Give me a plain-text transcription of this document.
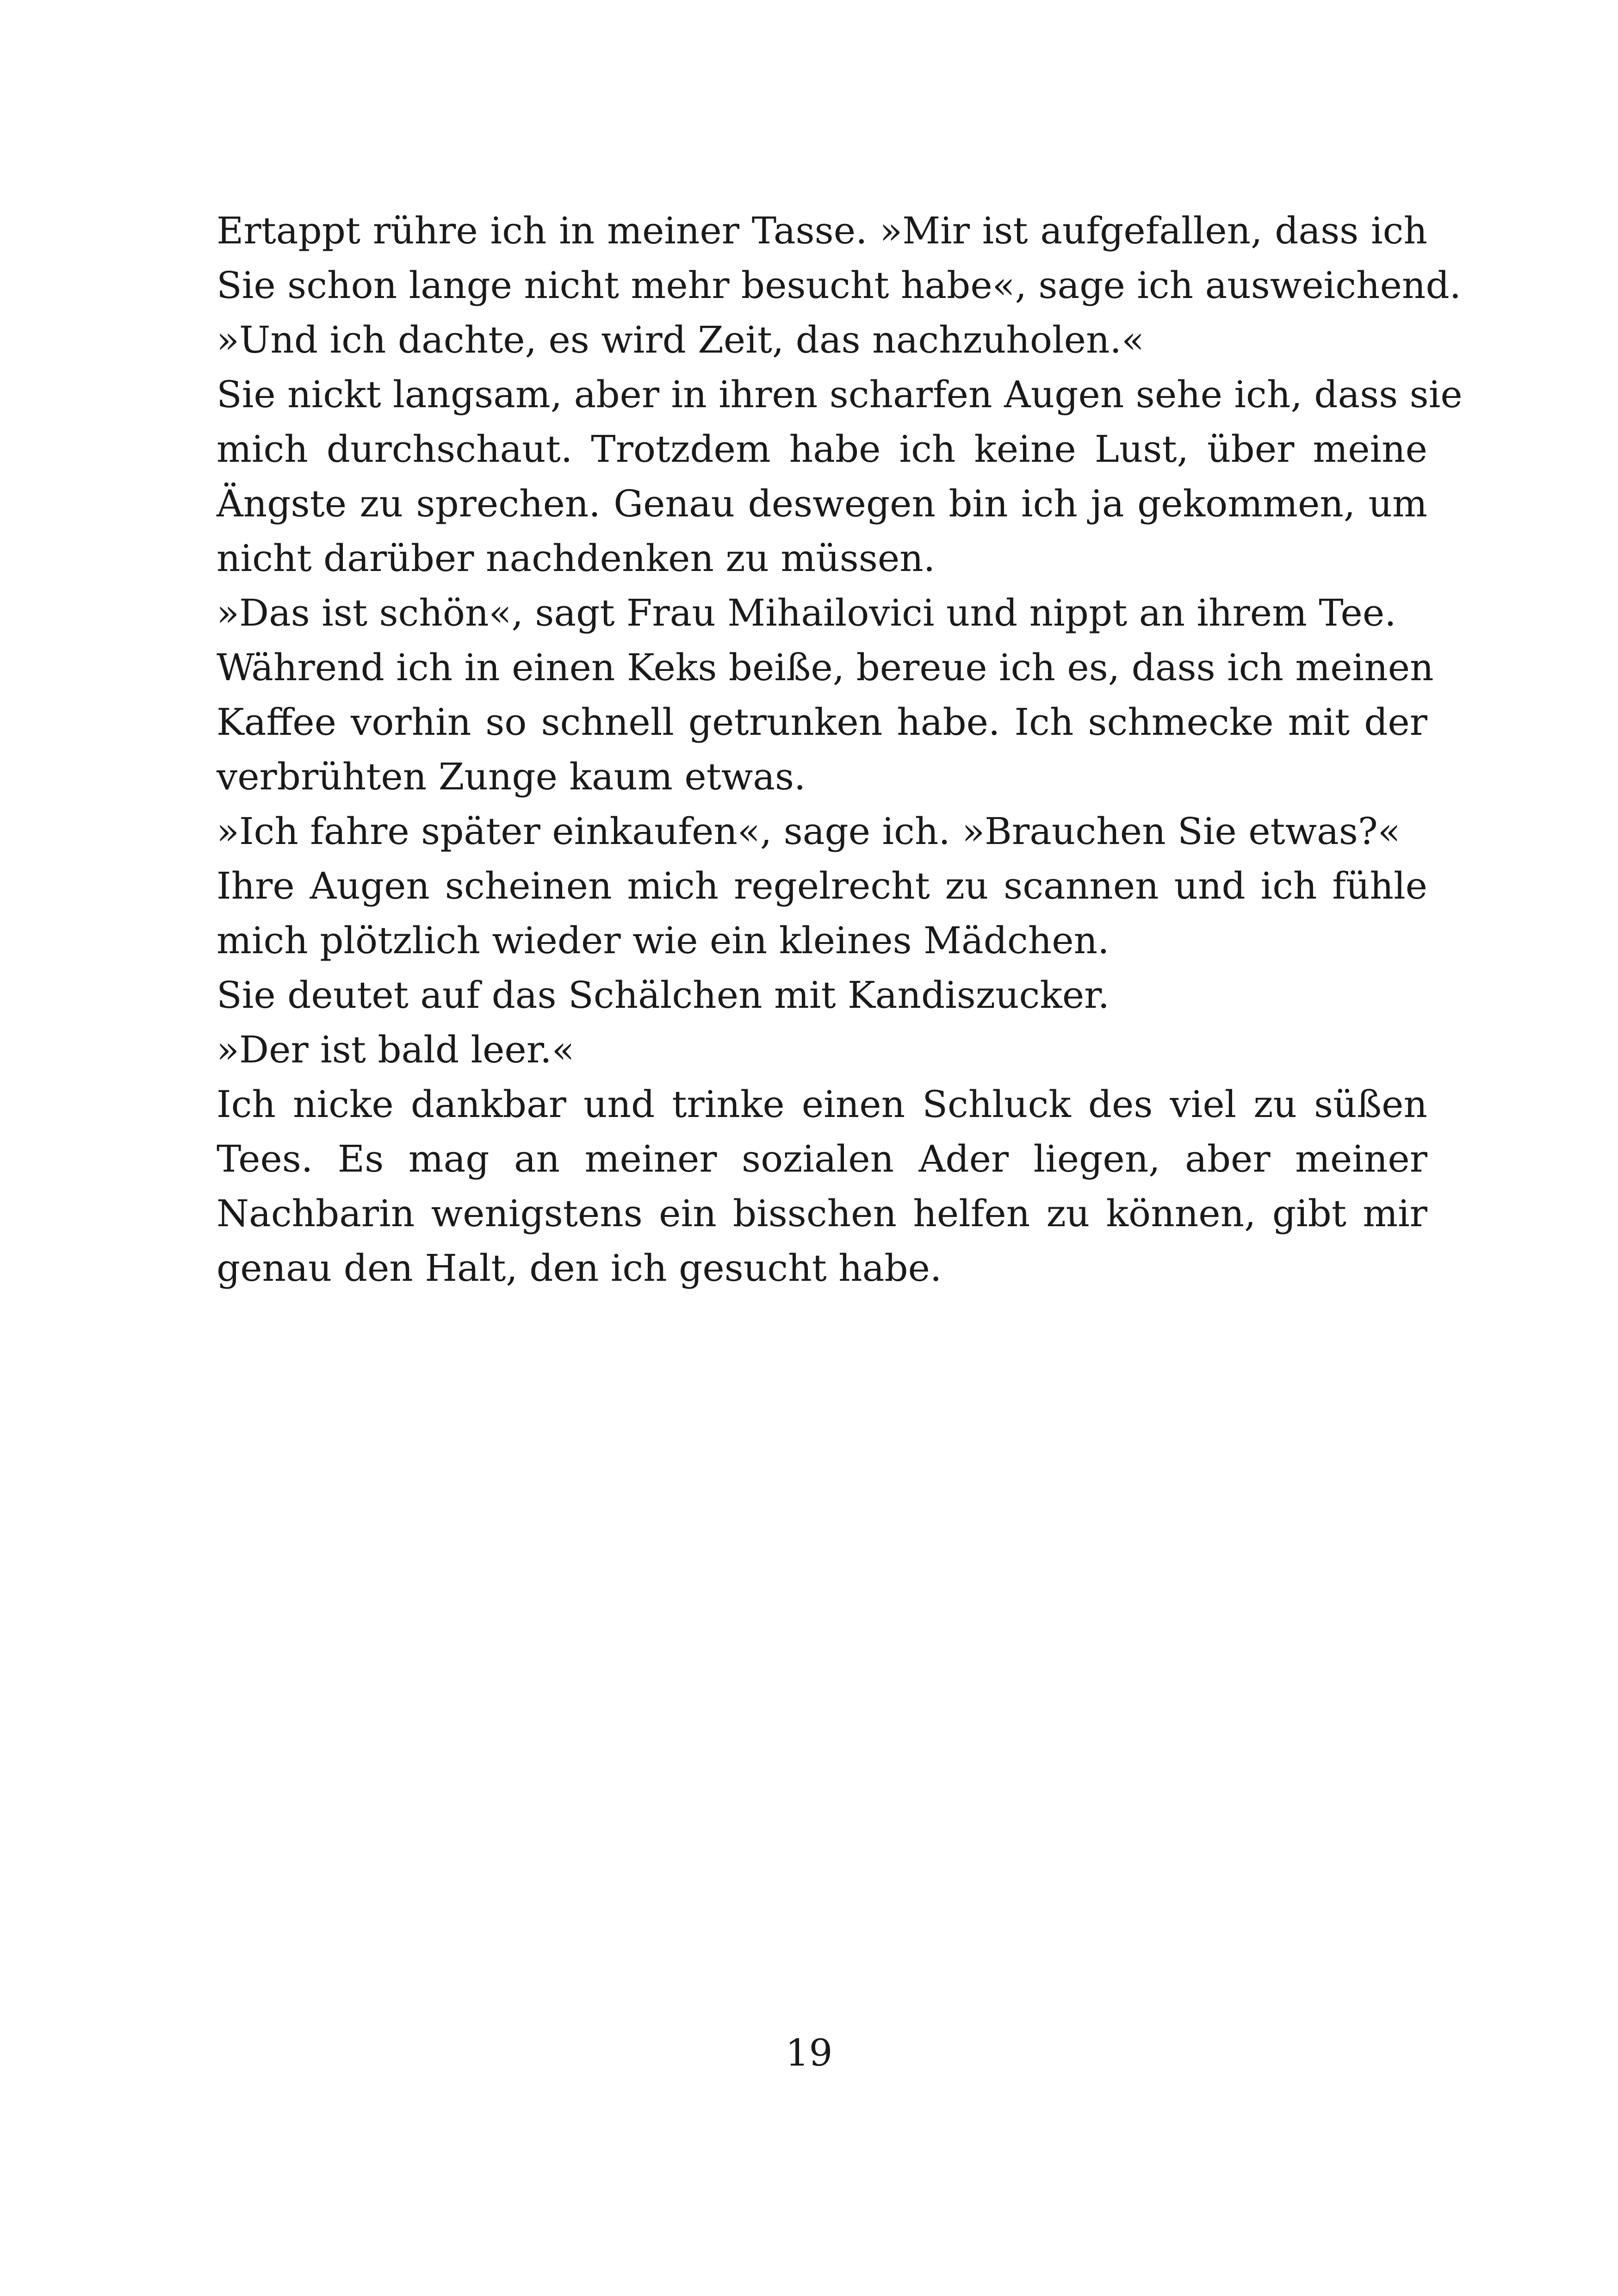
Ertappt rühre ich in meiner Tasse. »Mir ist aufgefallen, dass ich
Sie schon lange nicht mehr besucht habe«, sage ich ausweichend.
»Und ich dachte, es wird Zeit, das nachzuholen.«
Sie nickt langsam, aber in ihren scharfen Augen sehe ich, dass sie
mich durchschaut. Trotzdem habe ich keine Lust, über meine
Ängste zu sprechen. Genau deswegen bin ich ja gekommen, um
nicht darüber nachdenken zu müssen.
»Das ist schön«, sagt Frau Mihailovici und nippt an ihrem Tee.
Während ich in einen Keks beiße, bereue ich es, dass ich meinen
Kaffee vorhin so schnell getrunken habe. Ich schmecke mit der
verbrühten Zunge kaum etwas.
»Ich fahre später einkaufen«, sage ich. »Brauchen Sie etwas?«
Ihre Augen scheinen mich regelrecht zu scannen und ich fühle
mich plötzlich wieder wie ein kleines Mädchen.
Sie deutet auf das Schälchen mit Kandiszucker.
»Der ist bald leer.«
Ich nicke dankbar und trinke einen Schluck des viel zu süßen
Tees. Es mag an meiner sozialen Ader liegen, aber meiner
Nachbarin wenigstens ein bisschen helfen zu können, gibt mir
genau den Halt, den ich gesucht habe.
19
